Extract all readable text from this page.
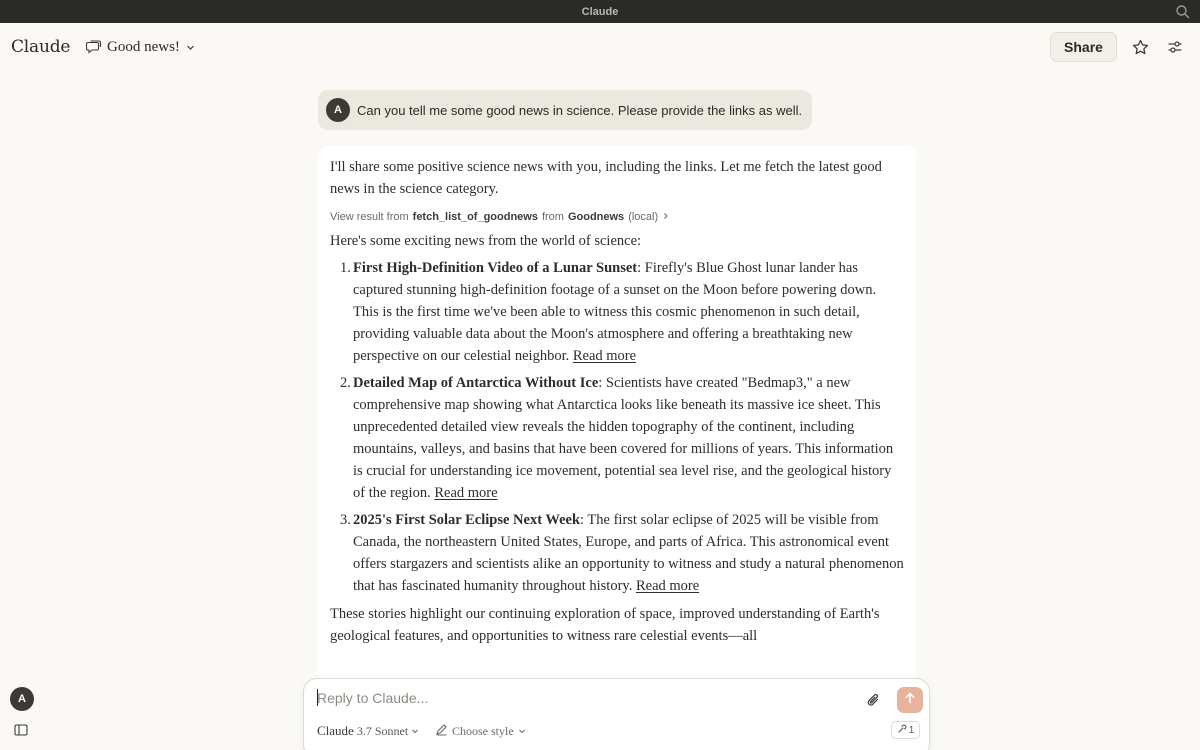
Claude
Claude Good news!	Share
A	Can you tell me some good news in science. Please provide the links as well.

I'll share some positive science news with you, including the links. Let me fetch the latest good news in the science category.

View result from fetch_list_of_goodnews from Goodnews (local)

Here's some exciting news from the world of science:

1. First High-Definition Video of a Lunar Sunset: Firefly's Blue Ghost lunar lander has captured stunning high-definition footage of a sunset on the Moon before powering down. This is the first time we've been able to witness this cosmic phenomenon in such detail, providing valuable data about the Moon's atmosphere and offering a breathtaking new perspective on our celestial neighbor. Read more
2. Detailed Map of Antarctica Without Ice: Scientists have created "Bedmap3," a new comprehensive map showing what Antarctica looks like beneath its massive ice sheet. This unprecedented detailed view reveals the hidden topography of the continent, including mountains, valleys, and basins that have been covered for millions of years. This information is crucial for understanding ice movement, potential sea level rise, and the geological history of the region. Read more
3. 2025's First Solar Eclipse Next Week: The first solar eclipse of 2025 will be visible from Canada, the northeastern United States, Europe, and parts of Africa. This astronomical event offers stargazers and scientists alike an opportunity to witness and study a natural phenomenon that has fascinated humanity throughout history. Read more

These stories highlight our continuing exploration of space, improved understanding of Earth's geological features, and opportunities to witness rare celestial events—all

A
Reply to Claude...
Claude 3.7 Sonnet	Choose style	1
